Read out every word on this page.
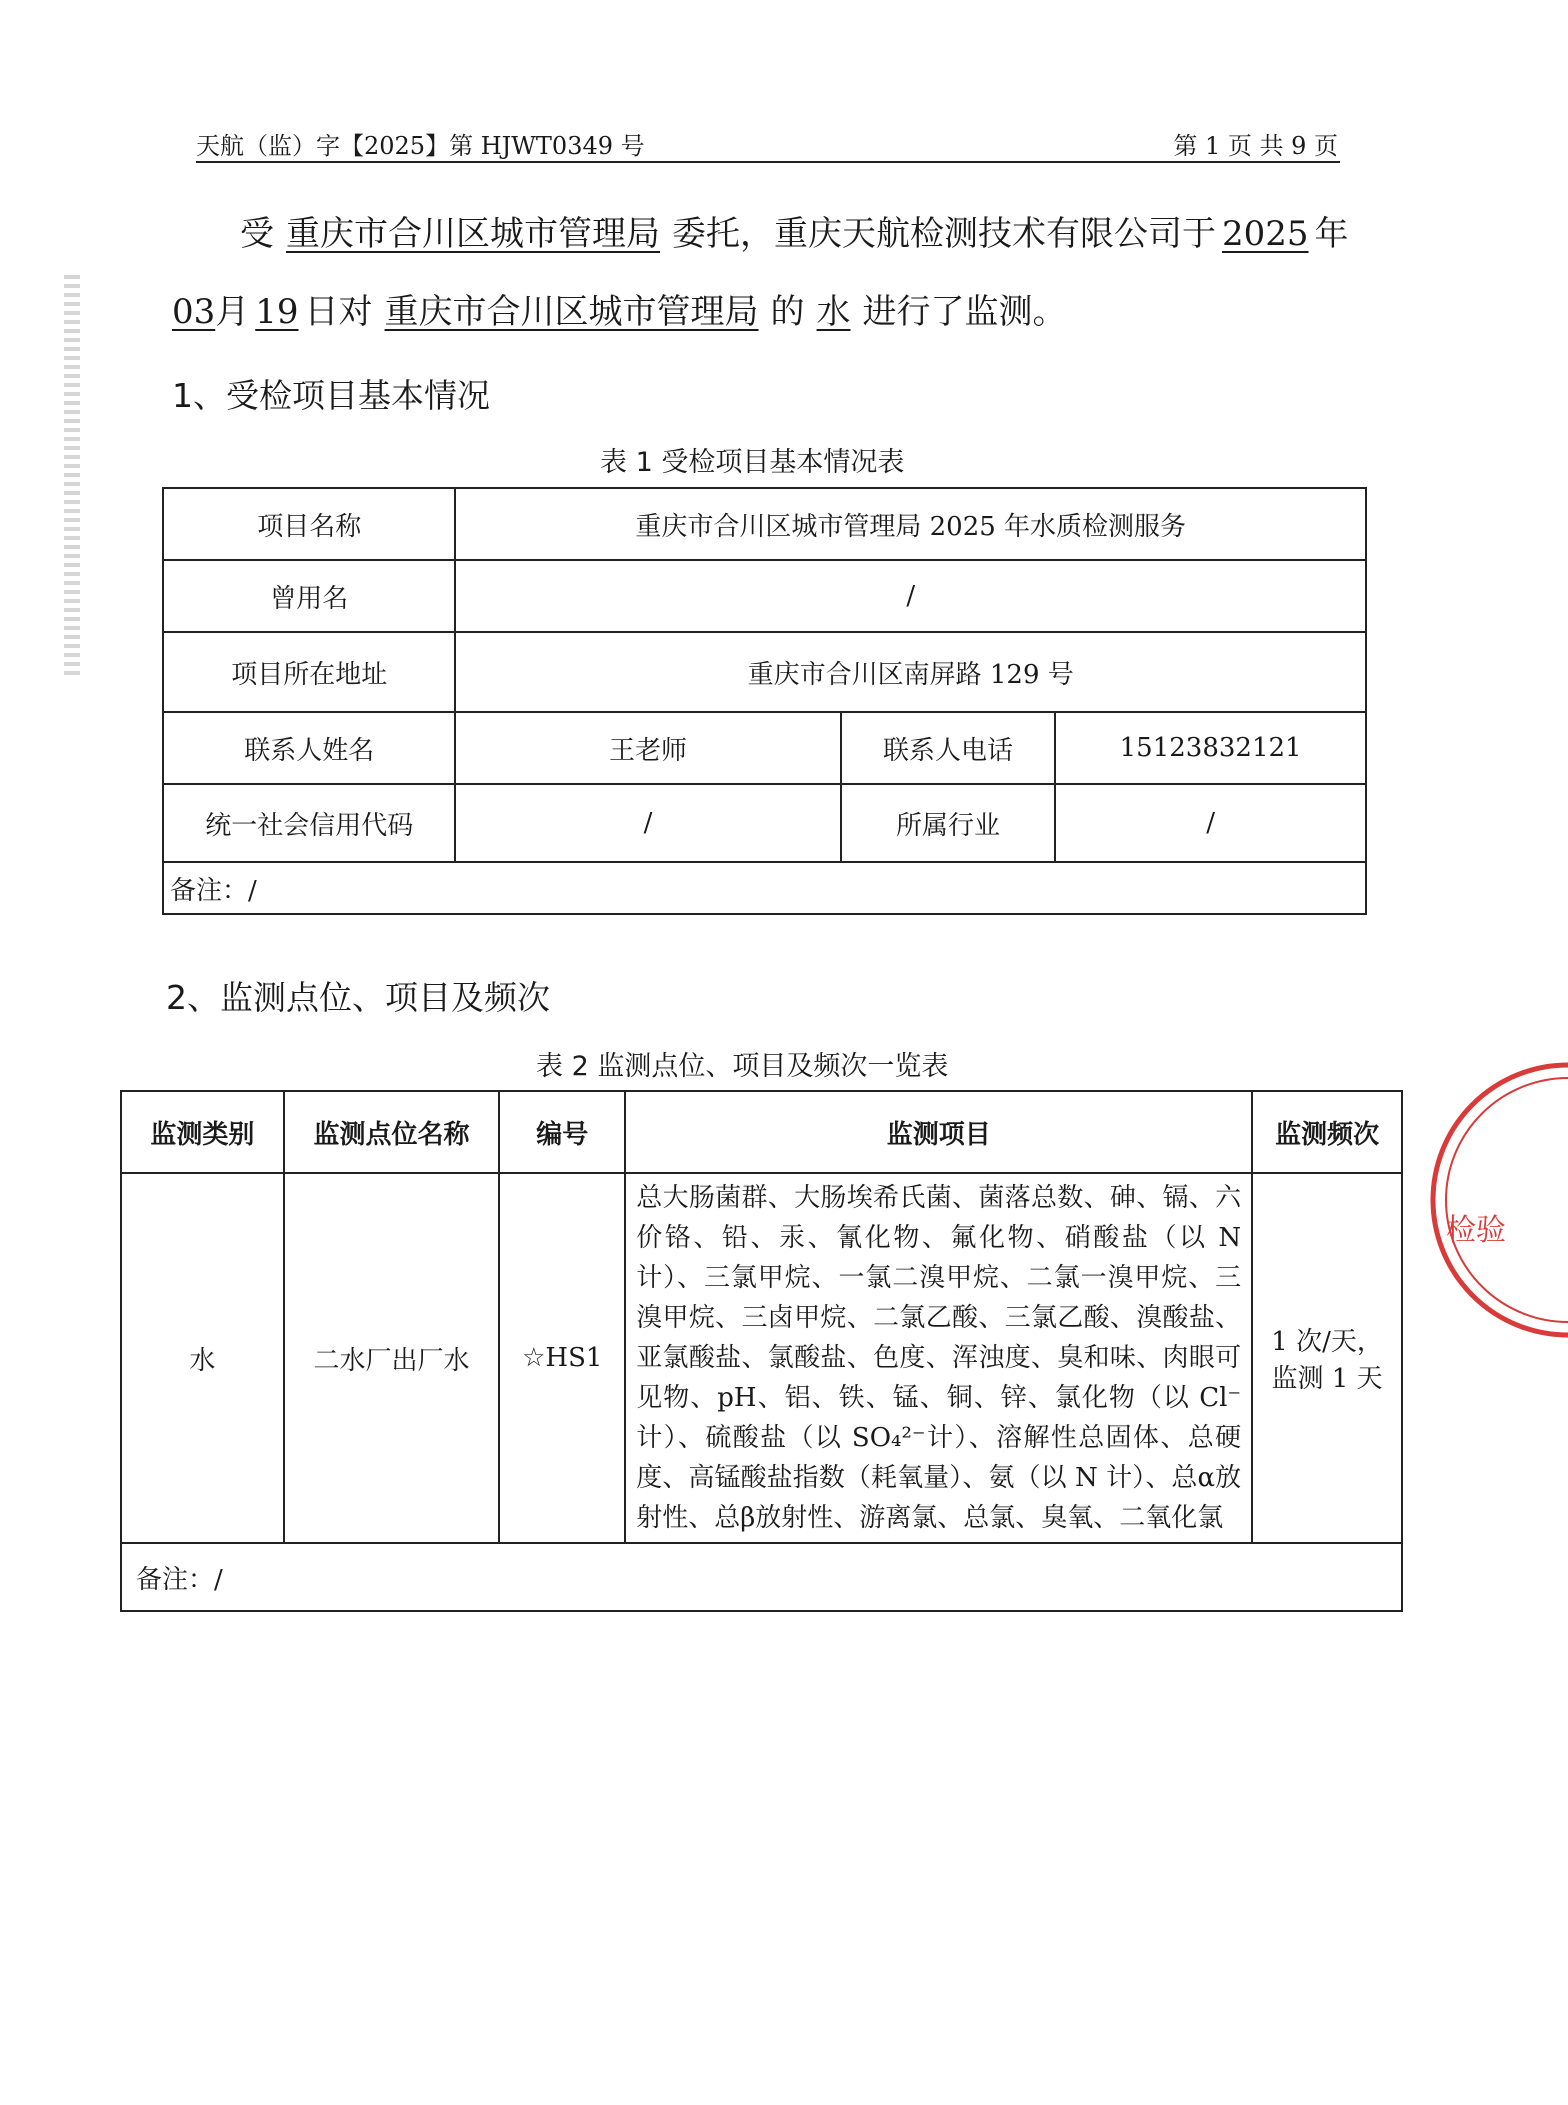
天航（监）字【2025】第 HJWT0349 号	第 1 页 共 9 页
受 重庆市合川区城市管理局 委托，重庆天航检测技术有限公司于 2025 年
03月 19 日对 重庆市合川区城市管理局 的 水 进行了监测。
1、受检项目基本情况
表 1 受检项目基本情况表
项目名称	重庆市合川区城市管理局 2025 年水质检测服务		
曾用名	/		
项目所在地址	重庆市合川区南屏路 129 号		
联系人姓名	王老师	联系人电话	15123832121
统一社会信用代码	/	所属行业	/
备注：/			
2、监测点位、项目及频次
表 2 监测点位、项目及频次一览表
监测类别	监测点位名称	编号	监测项目	监测频次
水	二水厂出厂水	☆HS1	总大肠菌群、大肠埃希氏菌、菌落总数、砷、镉、六价铬、铅、汞、氰化物、氟化物、硝酸盐（以 N 计）、三氯甲烷、一氯二溴甲烷、二氯一溴甲烷、三溴甲烷、三卤甲烷、二氯乙酸、三氯乙酸、溴酸盐、亚氯酸盐、氯酸盐、色度、浑浊度、臭和味、肉眼可见物、pH、铝、铁、锰、铜、锌、氯化物（以 Cl⁻计）、硫酸盐（以 SO₄²⁻计）、溶解性总固体、总硬度、高锰酸盐指数（耗氧量）、氨（以 N 计）、总α放射性、总β放射性、游离氯、总氯、臭氧、二氧化氯	1 次/天，
监测 1 天

备注：/				
检验
